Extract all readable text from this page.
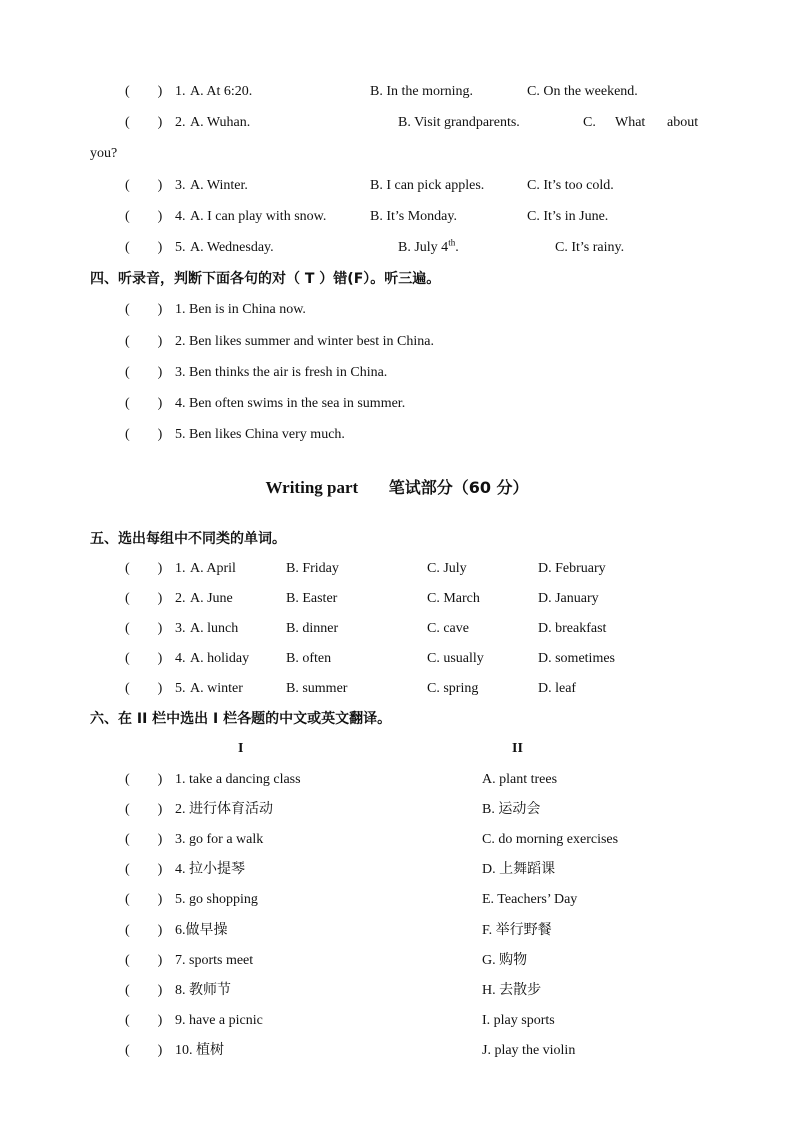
(　　) 1. A. At 6:20.	B. In the morning.	C. On the weekend.
(　　) 2. A. Wuhan.	B. Visit grandparents.	C. What about
you?
(　　) 3. A. Winter.	B. I can pick apples.	C. It’s too cold.
(　　) 4. A. I can play with snow.	B. It’s Monday.	C. It’s in June.
(　　) 5. A. Wednesday.	B. July 4th.	C. It’s rainy.
四、听录音，判断下面各句的对（ T ）错(F）。听三遍。
(　　) 1. Ben is in China now.
(　　) 2. Ben likes summer and winter best in China.
(　　) 3. Ben thinks the air is fresh in China.
(　　) 4. Ben often swims in the sea in summer.
(　　) 5. Ben likes China very much.
Writing part 笔试部分（60 分）
五、选出每组中不同类的单词。
(　　) 1. A. April	B. Friday	C. July	D. February
(　　) 2. A. June	B. Easter	C. March	D. January
(　　) 3. A. lunch	B. dinner	C. cave	D. breakfast
(　　) 4. A. holiday	B. often	C. usually	D. sometimes
(　　) 5. A. winter	B. summer	C. spring	D. leaf
六、在 II 栏中选出 I 栏各题的中文或英文翻译。
I	II
(　　) 1. take a dancing class	A. plant trees
(　　) 2. 进行体育活动	B. 运动会
(　　) 3. go for a walk	C. do morning exercises
(　　) 4. 拉小提琴	D. 上舞蹈课
(　　) 5. go shopping	E. Teachers’ Day
(　　) 6.做早操	F. 举行野餐
(　　) 7. sports meet	G. 购物
(　　) 8. 教师节	H. 去散步
(　　) 9. have a picnic	I. play sports
(　　) 10. 植树	J. play the violin
